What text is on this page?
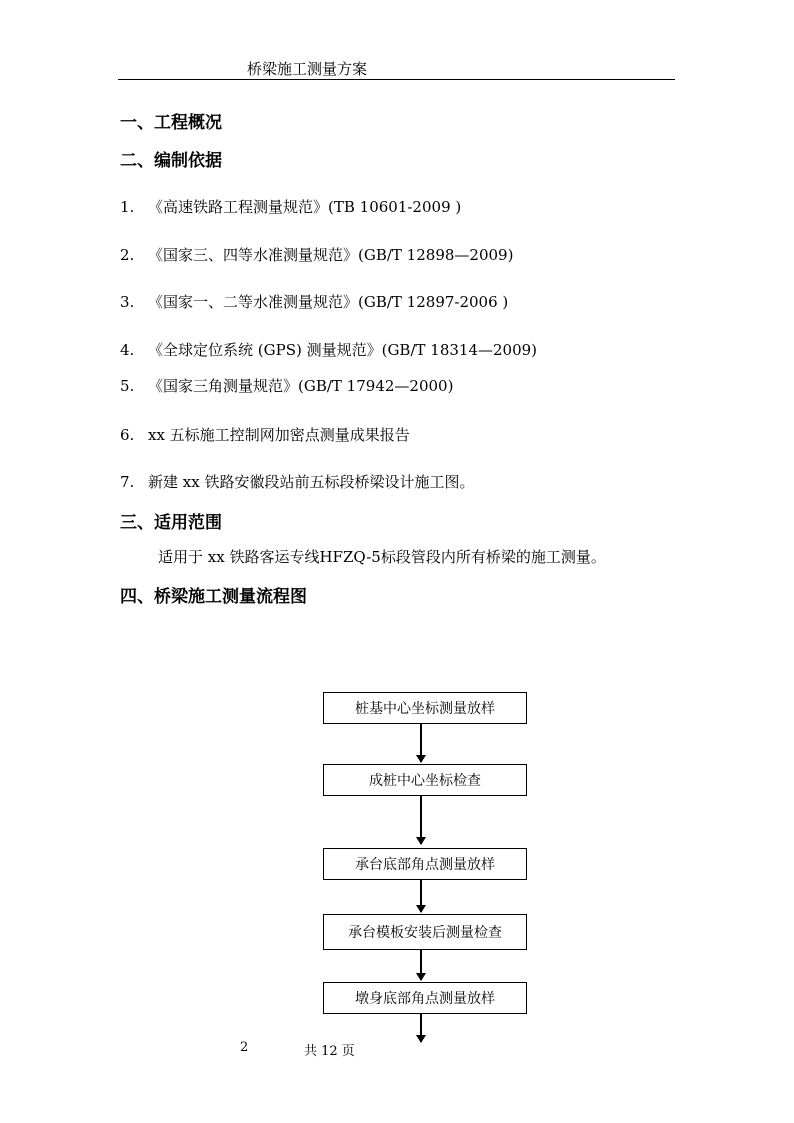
桥梁施工测量方案
一、工程概况
二、编制依据
1. 《高速铁路工程测量规范》(TB 10601-2009 )
2. 《国家三、四等水准测量规范》(GB/T 12898—2009)
3. 《国家一、二等水准测量规范》(GB/T 12897-2006 )
4. 《全球定位系统 (GPS) 测量规范》(GB/T 18314—2009)
5. 《国家三角测量规范》(GB/T 17942—2000)
6. xx 五标施工控制网加密点测量成果报告
7. 新建 xx 铁路安徽段站前五标段桥梁设计施工图。
三、适用范围
适用于 xx 铁路客运专线HFZQ-5标段管段内所有桥梁的施工测量。
四、桥梁施工测量流程图
桩基中心坐标测量放样
成桩中心坐标检查
承台底部角点测量放样
承台模板安装后测量检查
墩身底部角点测量放样
2	共 12 页
